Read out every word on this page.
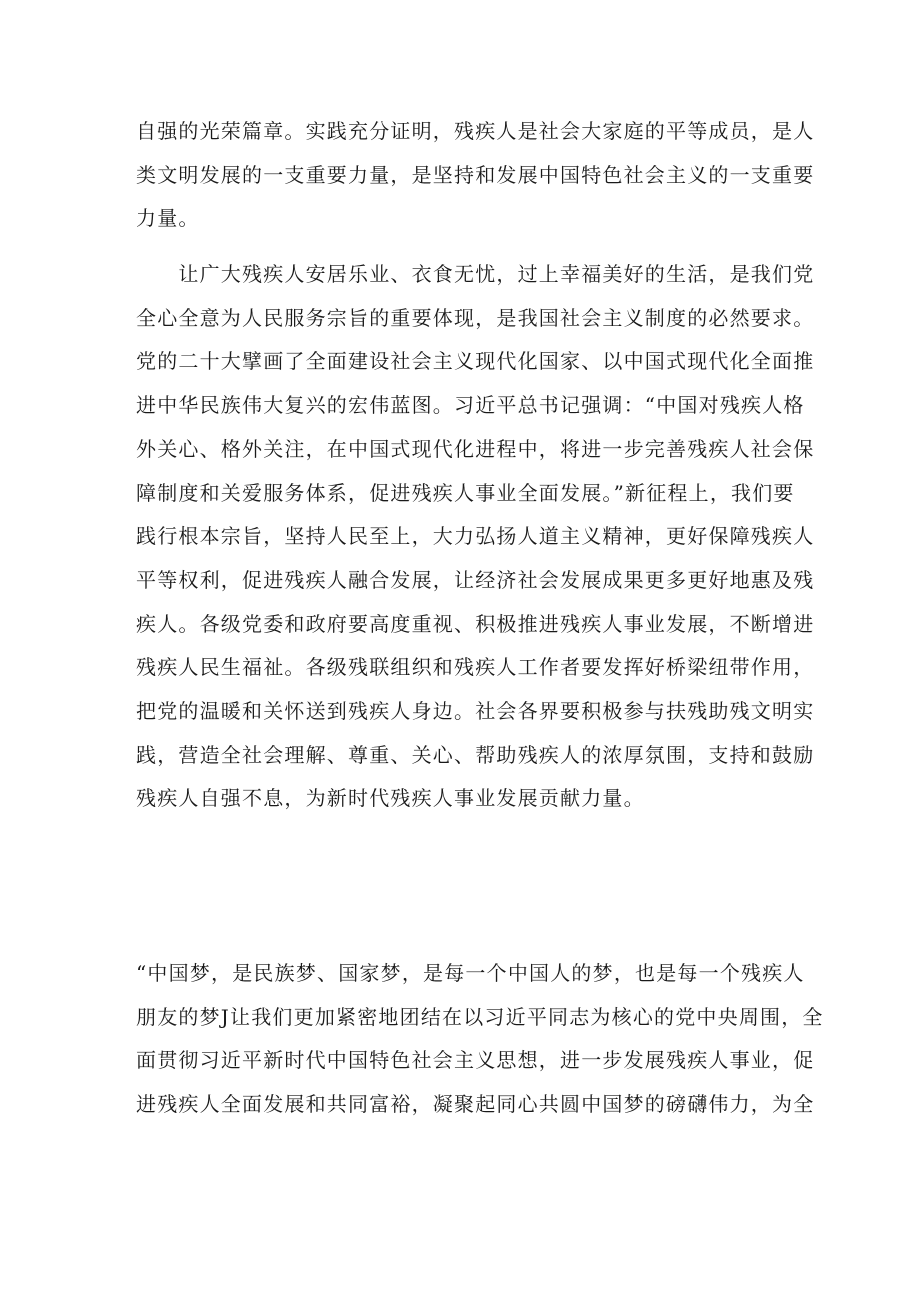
自强的光荣篇章。实践充分证明，残疾人是社会大家庭的平等成员，是人
类文明发展的一支重要力量，是坚持和发展中国特色社会主义的一支重要
力量。

　　让广大残疾人安居乐业、衣食无忧，过上幸福美好的生活，是我们党
全心全意为人民服务宗旨的重要体现，是我国社会主义制度的必然要求。
党的二十大擘画了全面建设社会主义现代化国家、以中国式现代化全面推
进中华民族伟大复兴的宏伟蓝图。习近平总书记强调：“中国对残疾人格
外关心、格外关注，在中国式现代化进程中，将进一步完善残疾人社会保
障制度和关爱服务体系，促进残疾人事业全面发展。”新征程上，我们要
践行根本宗旨，坚持人民至上，大力弘扬人道主义精神，更好保障残疾人
平等权利，促进残疾人融合发展，让经济社会发展成果更多更好地惠及残
疾人。各级党委和政府要高度重视、积极推进残疾人事业发展，不断增进
残疾人民生福祉。各级残联组织和残疾人工作者要发挥好桥梁纽带作用，
把党的温暖和关怀送到残疾人身边。社会各界要积极参与扶残助残文明实
践，营造全社会理解、尊重、关心、帮助残疾人的浓厚氛围，支持和鼓励
残疾人自强不息，为新时代残疾人事业发展贡献力量。

“中国梦，是民族梦、国家梦，是每一个中国人的梦，也是每一个残疾人
朋友的梦J让我们更加紧密地团结在以习近平同志为核心的党中央周围，全
面贯彻习近平新时代中国特色社会主义思想，进一步发展残疾人事业，促
进残疾人全面发展和共同富裕，凝聚起同心共圆中国梦的磅礴伟力，为全
